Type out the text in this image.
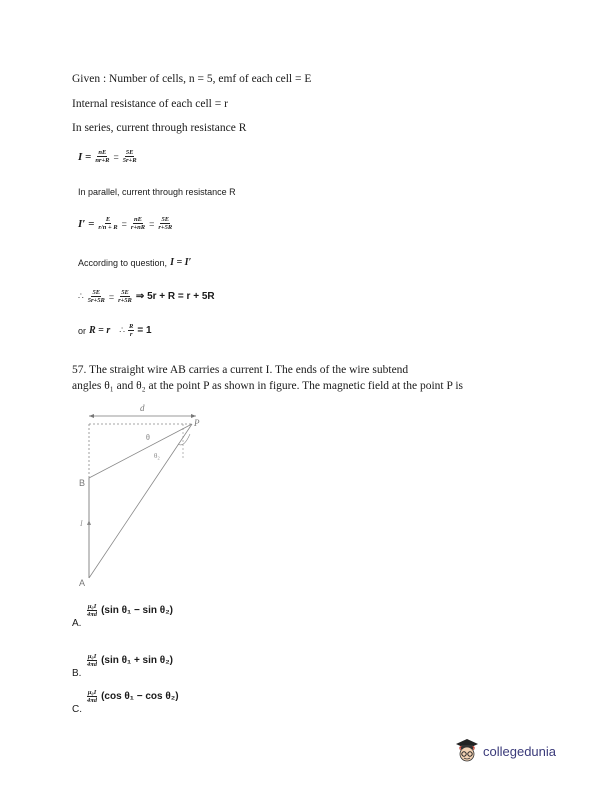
Given : Number of cells, n = 5, emf of each cell = E
Internal resistance of each cell = r
In series, current through resistance R
$I = \frac{nE}{nr+R} = \frac{5E}{5r+R}$
In parallel, current through resistance R
$I' = \frac{E}{r/n + R} = \frac{nE}{r+nR} = \frac{5E}{r+5R}$
According to question, I = I′
∴ $\frac{5E}{5r+5R} = \frac{5E}{r+5R}$ ⇒ 5r + R = r + 5R
or R = r ∴ $\frac{R}{r} = 1$
57. The straight wire AB carries a current I. The ends of the wire subtend
angles θ₁ and θ₂ at the point P as shown in figure. The magnetic field at the point P is
d
P
B
A
I
θ
θ₂
$\frac{\text{μ₀I}}{4\pi d} (\sin$ θ₁ − sin θ₂)
A.
$\frac{\text{μ₀I}}{4\pi d} (\sin$ θ₁ + sin θ₂)
B.
$\frac{\text{μ₀I}}{4\pi d} (\cos$ θ₁ − cos θ₂)
C.
collegedunia
